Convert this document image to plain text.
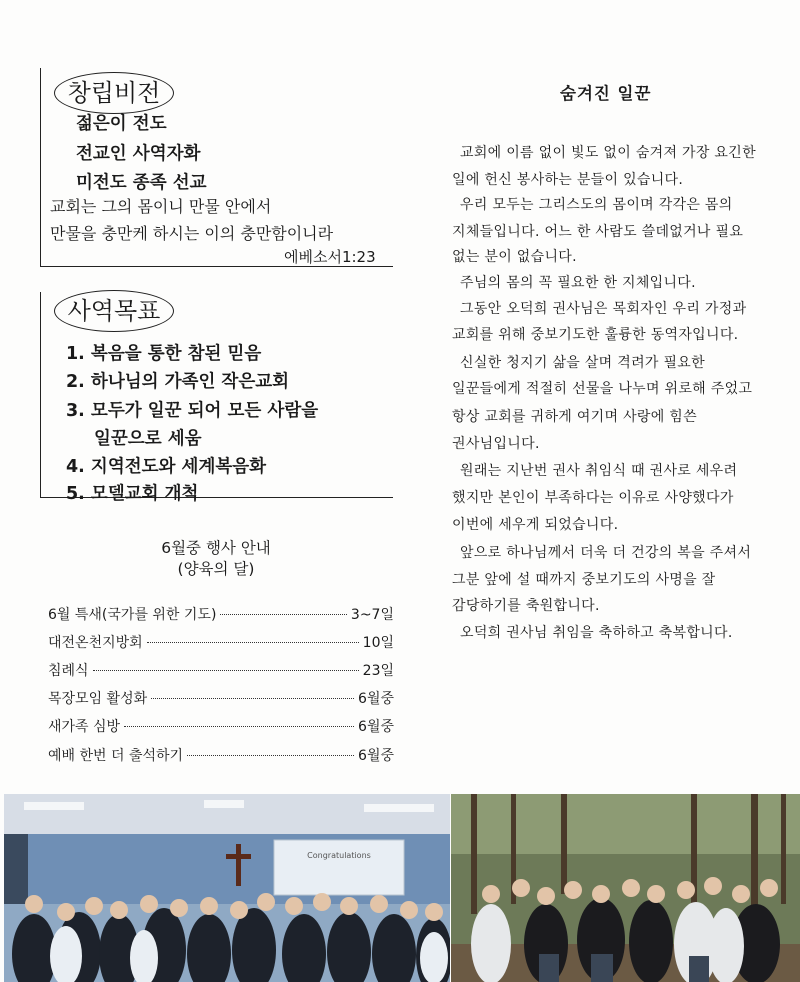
창립비전
젊은이 전도
전교인 사역자화
미전도 종족 선교
교회는 그의 몸이니 만물 안에서
만물을 충만케 하시는 이의 충만함이니라
에베소서1:23
사역목표
1. 복음을 통한 참된 믿음
2. 하나님의 가족인 작은교회
3. 모두가 일꾼 되어 모든 사람을
일꾼으로 세움
4. 지역전도와 세계복음화
5. 모델교회 개척
6월중 행사 안내
(양육의 달)
6월 특새(국가를 위한 기도)	3~7일
대전온천지방회	10일
침례식	23일
목장모임 활성화	6월중
새가족 심방	6월중
예배 한번 더 출석하기	6월중
숨겨진 일꾼
교회에 이름 없이 빛도 없이 숨겨져 가장 요긴한
일에 헌신 봉사하는 분들이 있습니다.
우리 모두는 그리스도의 몸이며 각각은 몸의
지체들입니다. 어느 한 사람도 쓸데없거나 필요
없는 분이 없습니다.
주님의 몸의 꼭 필요한 한 지체입니다.
그동안 오덕희 권사님은 목회자인 우리 가정과
교회를 위해 중보기도한 훌륭한 동역자입니다.
신실한 청지기 삶을 살며 격려가 필요한
일꾼들에게 적절히 선물을 나누며 위로해 주었고
항상 교회를 귀하게 여기며 사랑에 힘쓴
권사님입니다.
원래는 지난번 권사 취임식 때 권사로 세우려
했지만 본인이 부족하다는 이유로 사양했다가
이번에 세우게 되었습니다.
앞으로 하나님께서 더욱 더 건강의 복을 주셔서
그분 앞에 설 때까지 중보기도의 사명을 잘
감당하기를 축원합니다.
오덕희 권사님 취임을 축하하고 축복합니다.
Congratulations
